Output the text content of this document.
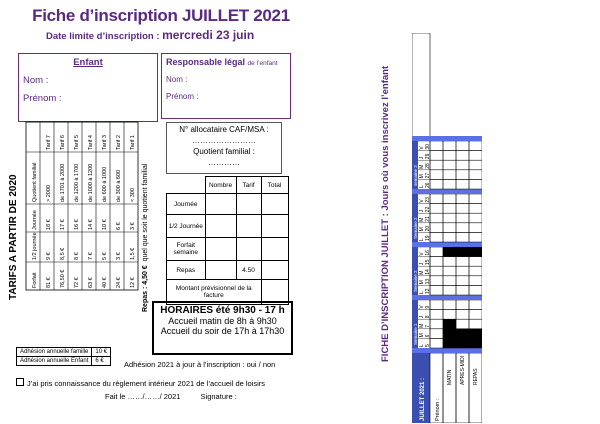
Fiche d’inscription JUILLET 2021
Date limite d’inscription : mercredi 23 juin
Enfant
Nom :
Prénom :
Responsable légal de l’enfant
Nom :
Prénom :
TARIFS A PARTIR DE 2020
Tarif 7 Tarif 6 Tarif 5 Tarif 4 Tarif 3 Tarif 2 Tarif 1
Quotient familial > 2000 de 1701 à 2000 de 1200 à 1700 de 1000 à 1200 de 600 à 1000 de 300 à 600 < 300
Journée 18 € 17 € 16 € 14 € 10 € 6 € 3 €
1/2 journée 9 € 8,5 € 8 € 7 € 5 € 3 € 1,5 €
Forfait 81 € 76,50 € 72 € 63 € 40 € 24 € 12 € Repas : 4,50 €  quel que soit le quotient familial
N° allocataire CAF/MSA :
……………………
Quotient familial :
…………
	Nombre	Tarif	Total
Journée			
1/2 Journée			
Forfait semaine			
Repas		4.50	
Montant prévisionnel de la facture			
HORAIRES été 9h30 - 17 h
Accueil matin de 8h à 9h30
Accueil du soir de 17h à 17h30
Adhésion annuelle famille	10 €
Adhésion annuelle Enfant	6 €	Adhésion 2021 à jour à l’inscription : oui / non
J’ai pris connaissance du règlement intérieur 2021 de l’accueil de loisirs
Fait le ……/……/ 2021	Signature :
FICHE D’INSCRIPTION JUILLET : Jours où vous inscrivez l’enfant
JUILLET 2021 : Prénom :
MATIN APRES-MIDI REPAS
Semaine 1
L 5
M 6
M 7
J 8
V 9
Semaine 2
L 12
M 13
M 14
J 15
V 16
Semaine 2
L 19
M 20
M 21
J 22
V 23
semaine 3
L 26
M 27
M 28
J 29
V 30
